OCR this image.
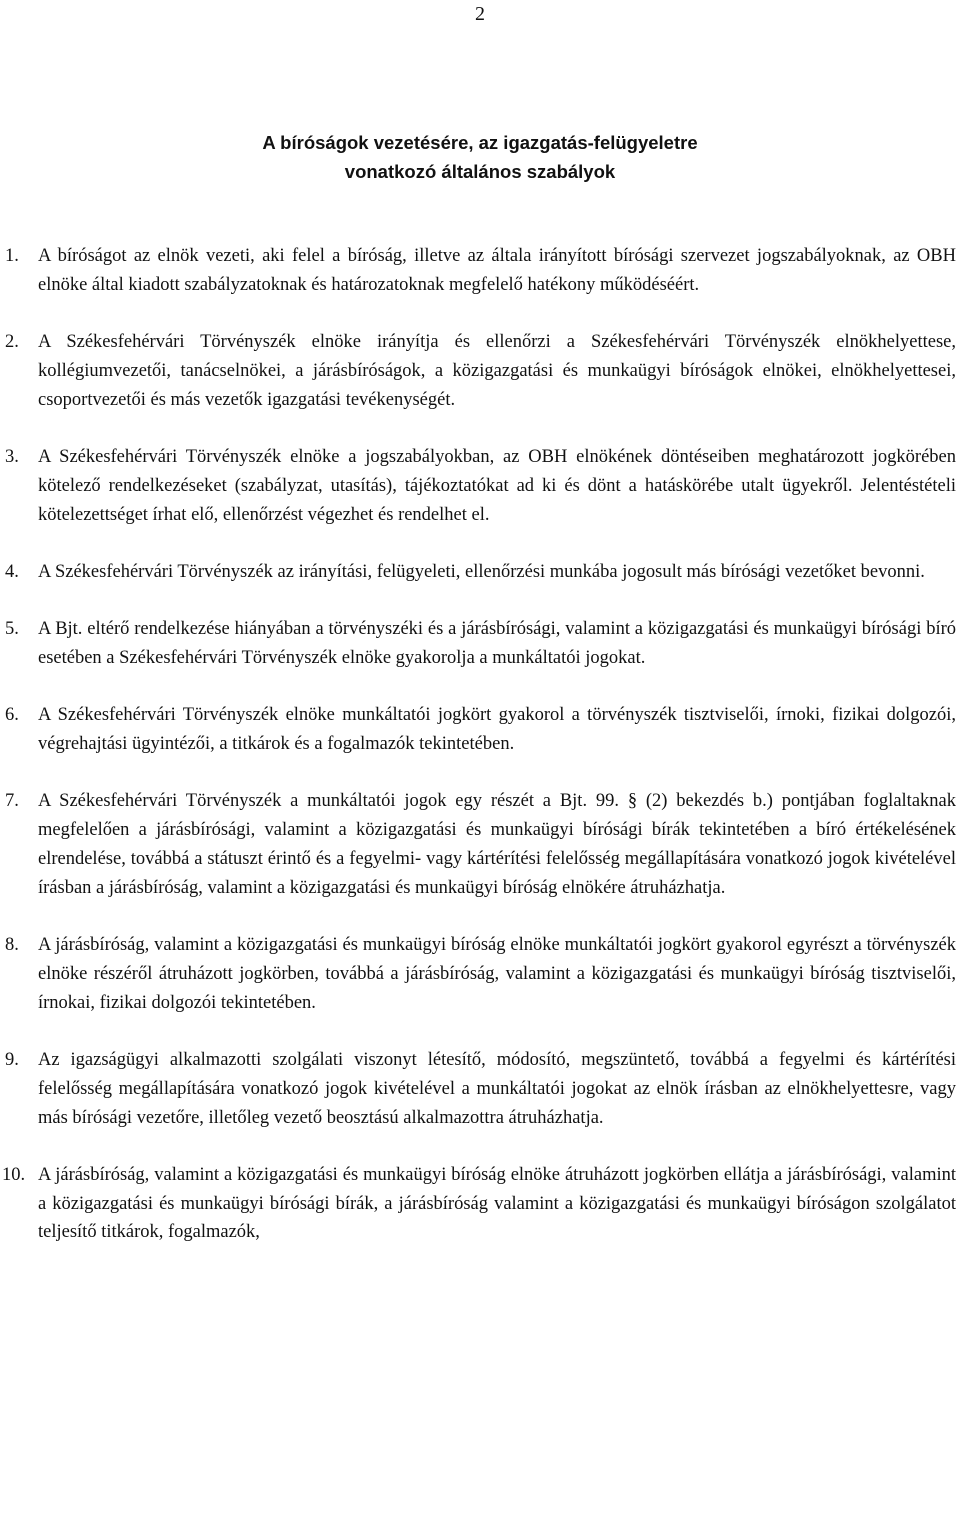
2
A bíróságok vezetésére, az igazgatás-felügyeletre
vonatkozó általános szabályok
1. A bíróságot az elnök vezeti, aki felel a bíróság, illetve az általa irányított bírósági szervezet jogszabályoknak, az OBH elnöke által kiadott szabályzatoknak és határozatoknak megfelelő hatékony működéséért.
2. A Székesfehérvári Törvényszék elnöke irányítja és ellenőrzi a Székesfehérvári Törvényszék elnökhelyettese, kollégiumvezetői, tanácselnökei, a járásbíróságok, a közigazgatási és munkaügyi bíróságok elnökei, elnökhelyettesei, csoportvezetői és más vezetők igazgatási tevékenységét.
3. A Székesfehérvári Törvényszék elnöke a jogszabályokban, az OBH elnökének döntéseiben meghatározott jogkörében kötelező rendelkezéseket (szabályzat, utasítás), tájékoztatókat ad ki és dönt a hatáskörébe utalt ügyekről. Jelentéstételi kötelezettséget írhat elő, ellenőrzést végezhet és rendelhet el.
4. A Székesfehérvári Törvényszék az irányítási, felügyeleti, ellenőrzési munkába jogosult más bírósági vezetőket bevonni.
5. A Bjt. eltérő rendelkezése hiányában a törvényszéki és a járásbírósági, valamint a közigazgatási és munkaügyi bírósági bíró esetében a Székesfehérvári Törvényszék elnöke gyakorolja a munkáltatói jogokat.
6. A Székesfehérvári Törvényszék elnöke munkáltatói jogkört gyakorol a törvényszék tisztviselői, írnoki, fizikai dolgozói, végrehajtási ügyintézői, a titkárok és a fogalmazók tekintetében.
7. A Székesfehérvári Törvényszék a munkáltatói jogok egy részét a Bjt. 99. § (2) bekezdés b.) pontjában foglaltaknak megfelelően a járásbírósági, valamint a közigazgatási és munkaügyi bírósági bírák tekintetében a bíró értékelésének elrendelése, továbbá a státuszt érintő és a fegyelmi- vagy kártérítési felelősség megállapítására vonatkozó jogok kivételével írásban a járásbíróság, valamint a közigazgatási és munkaügyi bíróság elnökére átruházhatja.
8. A járásbíróság, valamint a közigazgatási és munkaügyi bíróság elnöke munkáltatói jogkört gyakorol egyrészt a törvényszék elnöke részéről átruházott jogkörben, továbbá a járásbíróság, valamint a közigazgatási és munkaügyi bíróság tisztviselői, írnokai, fizikai dolgozói tekintetében.
9. Az igazságügyi alkalmazotti szolgálati viszonyt létesítő, módosító, megszüntető, továbbá a fegyelmi és kártérítési felelősség megállapítására vonatkozó jogok kivételével a munkáltatói jogokat az elnök írásban az elnökhelyettesre, vagy más bírósági vezetőre, illetőleg vezető beosztású alkalmazottra átruházhatja.
10. A járásbíróság, valamint a közigazgatási és munkaügyi bíróság elnöke átruházott jogkörben ellátja a járásbírósági, valamint a közigazgatási és munkaügyi bírósági bírák, a járásbíróság valamint a közigazgatási és munkaügyi bíróságon szolgálatot teljesítő titkárok, fogalmazók,
